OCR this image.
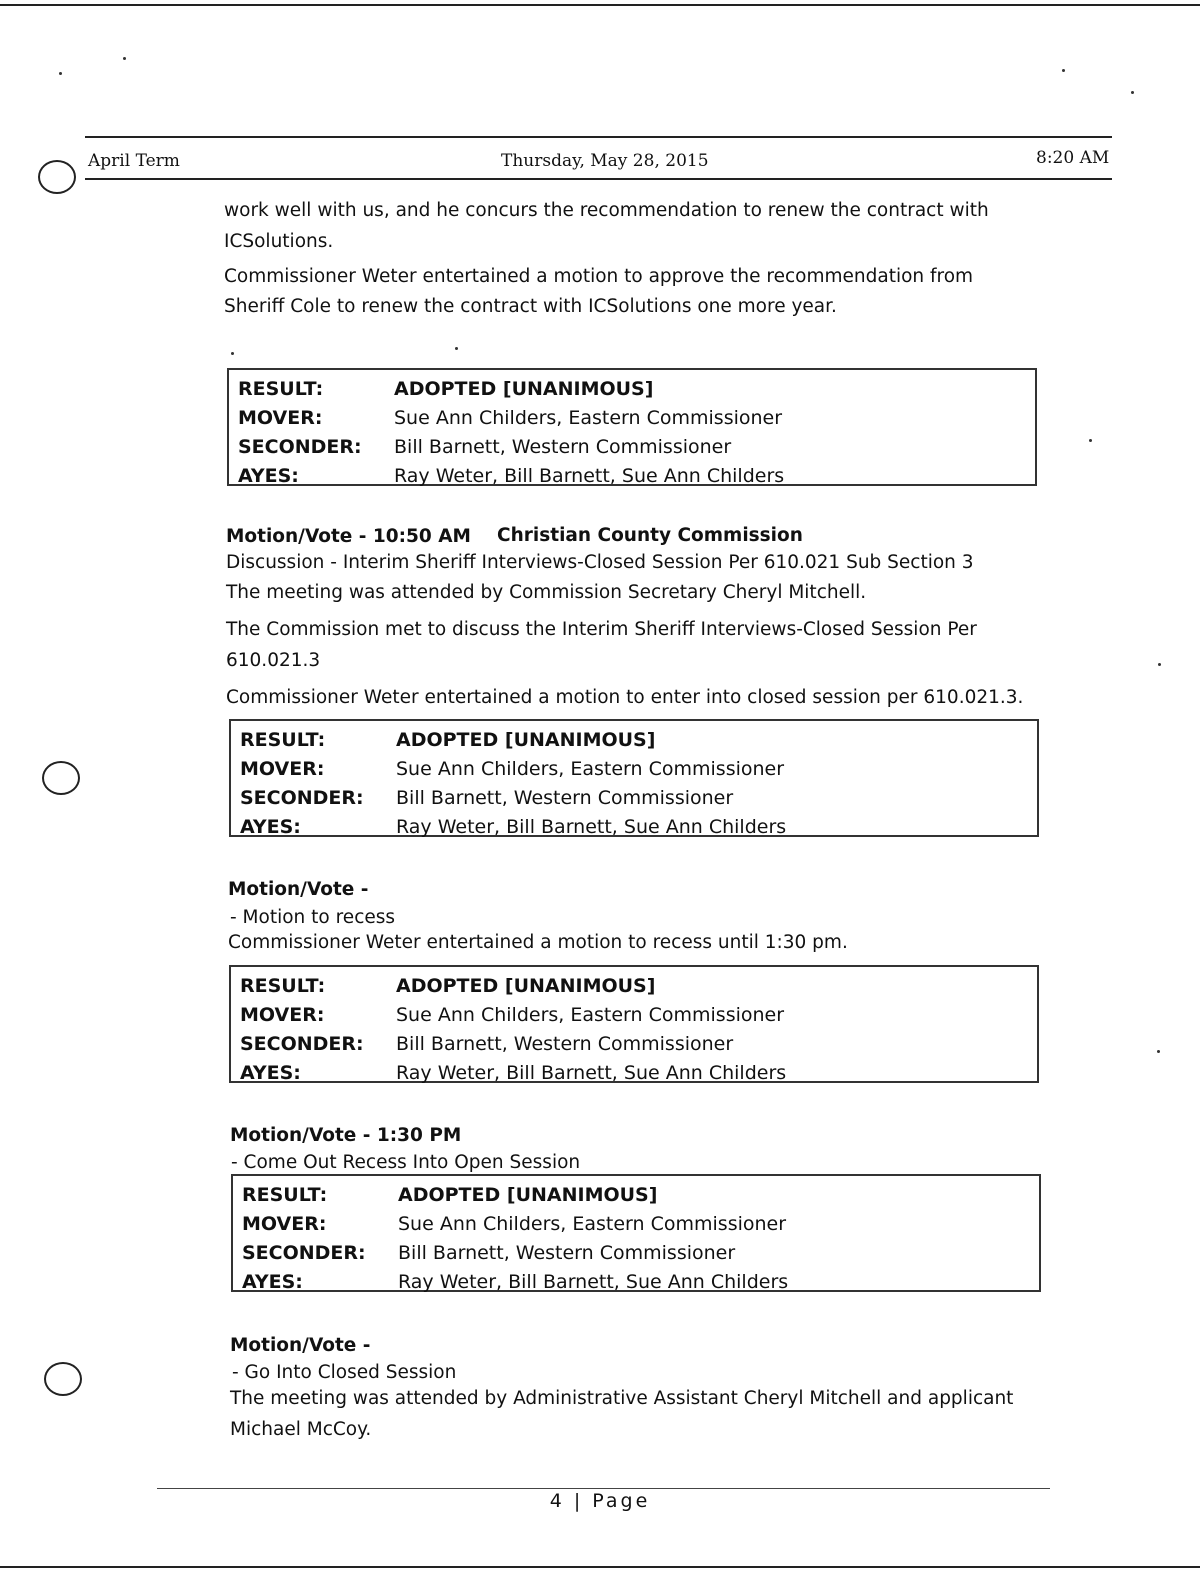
April Term	Thursday, May 28, 2015	8:20 AM
work well with us, and he concurs the recommendation to renew the contract with
ICSolutions.
Commissioner Weter entertained a motion to approve the recommendation from
Sheriff Cole to renew the contract with ICSolutions one more year.
RESULT:	ADOPTED [UNANIMOUS]
MOVER:	Sue Ann Childers, Eastern Commissioner
SECONDER:	Bill Barnett, Western Commissioner
AYES:	Ray Weter, Bill Barnett, Sue Ann Childers
Motion/Vote - 10:50 AM Christian County Commission
Discussion - Interim Sheriff Interviews-Closed Session Per 610.021 Sub Section 3
The meeting was attended by Commission Secretary Cheryl Mitchell.
The Commission met to discuss the Interim Sheriff Interviews-Closed Session Per
610.021.3
Commissioner Weter entertained a motion to enter into closed session per 610.021.3.
RESULT:	ADOPTED [UNANIMOUS]
MOVER:	Sue Ann Childers, Eastern Commissioner
SECONDER:	Bill Barnett, Western Commissioner
AYES:	Ray Weter, Bill Barnett, Sue Ann Childers
Motion/Vote -
- Motion to recess
Commissioner Weter entertained a motion to recess until 1:30 pm.
RESULT:	ADOPTED [UNANIMOUS]
MOVER:	Sue Ann Childers, Eastern Commissioner
SECONDER:	Bill Barnett, Western Commissioner
AYES:	Ray Weter, Bill Barnett, Sue Ann Childers
Motion/Vote - 1:30 PM
- Come Out Recess Into Open Session
RESULT:	ADOPTED [UNANIMOUS]
MOVER:	Sue Ann Childers, Eastern Commissioner
SECONDER:	Bill Barnett, Western Commissioner
AYES:	Ray Weter, Bill Barnett, Sue Ann Childers
Motion/Vote -
- Go Into Closed Session
The meeting was attended by Administrative Assistant Cheryl Mitchell and applicant
Michael McCoy.
4 | Page
